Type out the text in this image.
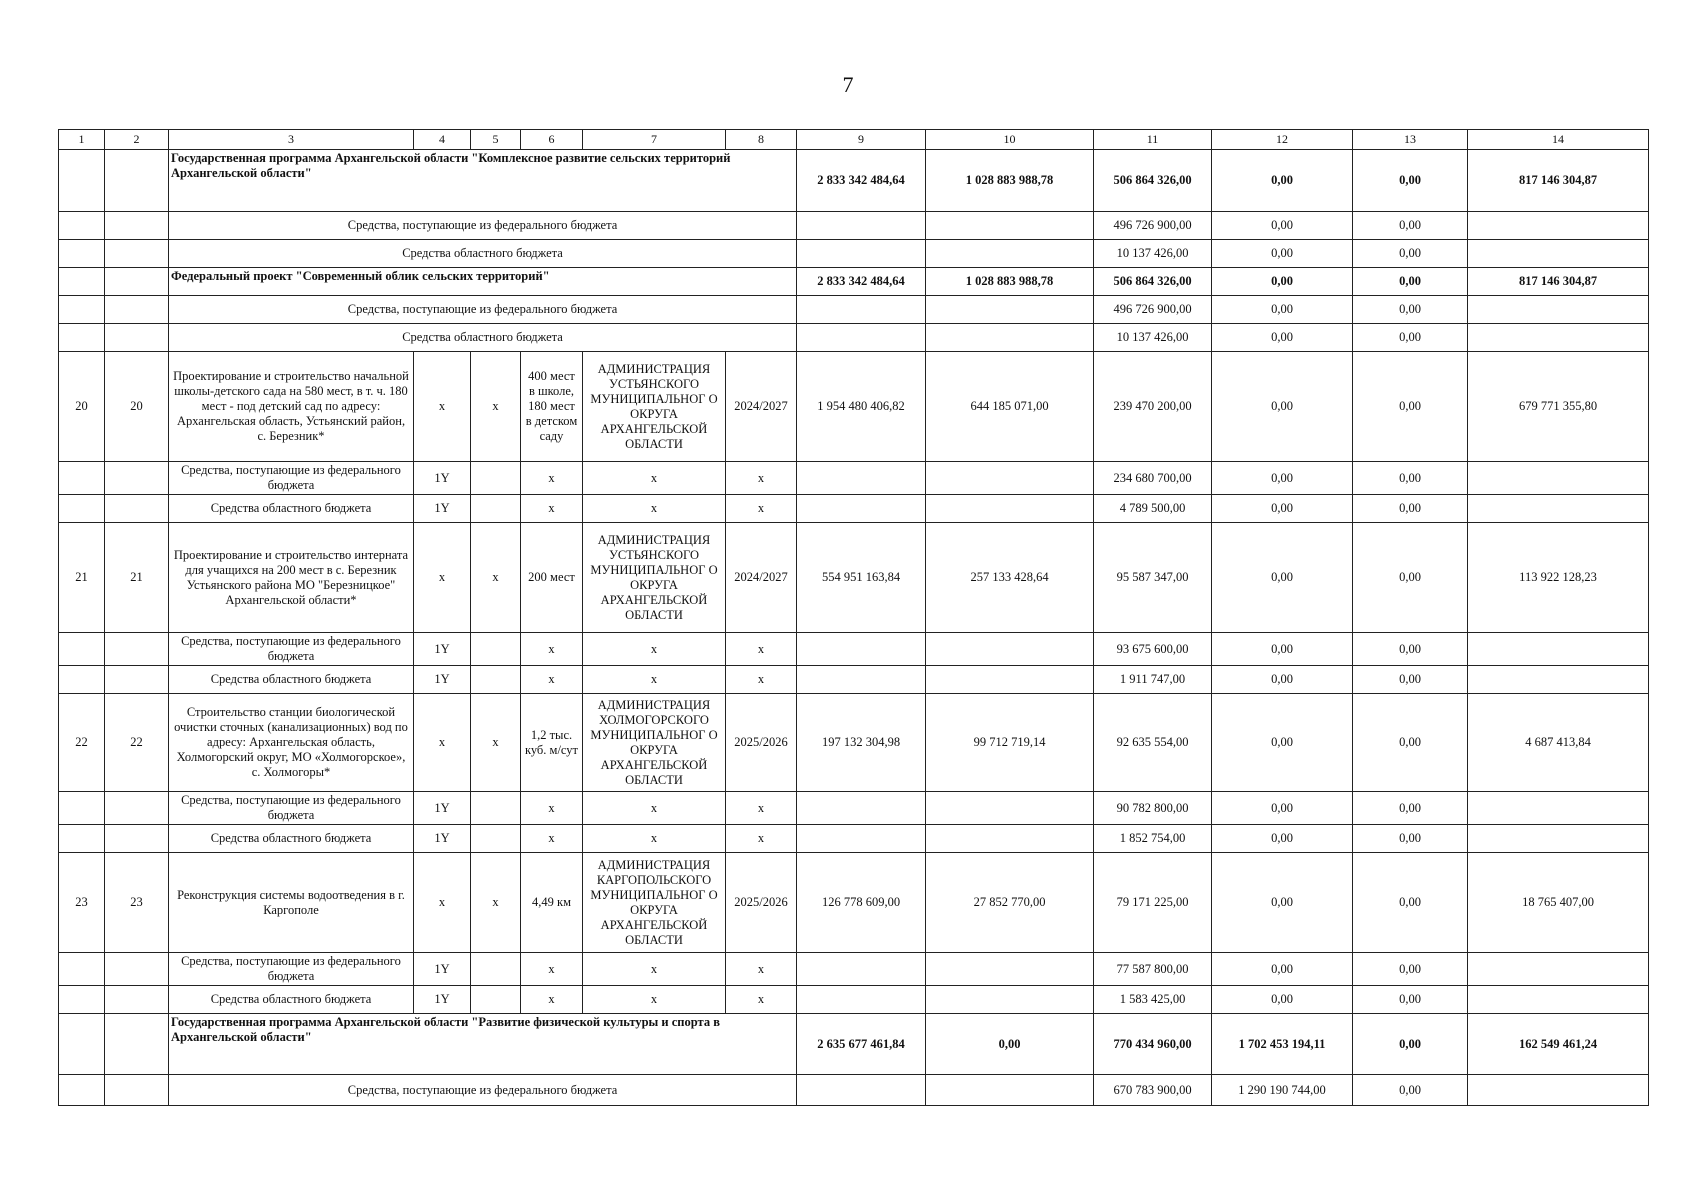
7
1	2	3	4	5	6	7	8	9	10	11	12	13	14
		Государственная программа Архангельской области "Комплексное развитие сельских территорий Архангельской области"						2 833 342 484,64	1 028 883 988,78	506 864 326,00	0,00	0,00	817 146 304,87
		Средства, поступающие из федерального бюджета								496 726 900,00	0,00	0,00	
		Средства областного бюджета								10 137 426,00	0,00	0,00	
		Федеральный проект "Современный облик сельских территорий"						2 833 342 484,64	1 028 883 988,78	506 864 326,00	0,00	0,00	817 146 304,87
		Средства, поступающие из федерального бюджета								496 726 900,00	0,00	0,00	
		Средства областного бюджета								10 137 426,00	0,00	0,00	
20	20	Проектирование и строительство начальной школы-детского сада на 580 мест, в т. ч. 180 мест - под детский сад по адресу: Архангельская область, Устьянский район, с. Березник*	x	x	400 мест в школе, 180 мест в детском саду	АДМИНИСТРАЦИЯ УСТЬЯНСКОГО МУНИЦИПАЛЬНОГ О ОКРУГА АРХАНГЕЛЬСКОЙ ОБЛАСТИ	2024/2027	1 954 480 406,82	644 185 071,00	239 470 200,00	0,00	0,00	679 771 355,80
		Средства, поступающие из федерального бюджета	1Y		x	x	x			234 680 700,00	0,00	0,00	
		Средства областного бюджета	1Y		x	x	x			4 789 500,00	0,00	0,00	
21	21	Проектирование и строительство интерната для учащихся на 200 мест в с. Березник Устьянского района МО "Березницкое" Архангельской области*	x	x	200 мест	АДМИНИСТРАЦИЯ УСТЬЯНСКОГО МУНИЦИПАЛЬНОГ О ОКРУГА АРХАНГЕЛЬСКОЙ ОБЛАСТИ	2024/2027	554 951 163,84	257 133 428,64	95 587 347,00	0,00	0,00	113 922 128,23
		Средства, поступающие из федерального бюджета	1Y		x	x	x			93 675 600,00	0,00	0,00	
		Средства областного бюджета	1Y		x	x	x			1 911 747,00	0,00	0,00	
22	22	Строительство станции биологической очистки сточных (канализационных) вод по адресу: Архангельская область, Холмогорский округ, МО «Холмогорское», с. Холмогоры*	x	x	1,2 тыс. куб. м/сут	АДМИНИСТРАЦИЯ ХОЛМОГОРСКОГО МУНИЦИПАЛЬНОГ О ОКРУГА АРХАНГЕЛЬСКОЙ ОБЛАСТИ	2025/2026	197 132 304,98	99 712 719,14	92 635 554,00	0,00	0,00	4 687 413,84
		Средства, поступающие из федерального бюджета	1Y		x	x	x			90 782 800,00	0,00	0,00	
		Средства областного бюджета	1Y		x	x	x			1 852 754,00	0,00	0,00	
23	23	Реконструкция системы водоотведения в г. Каргополе	x	x	4,49 км	АДМИНИСТРАЦИЯ КАРГОПОЛЬСКОГО МУНИЦИПАЛЬНОГ О ОКРУГА АРХАНГЕЛЬСКОЙ ОБЛАСТИ	2025/2026	126 778 609,00	27 852 770,00	79 171 225,00	0,00	0,00	18 765 407,00
		Средства, поступающие из федерального бюджета	1Y		x	x	x			77 587 800,00	0,00	0,00	
		Средства областного бюджета	1Y		x	x	x			1 583 425,00	0,00	0,00	
		Государственная программа Архангельской области "Развитие физической культуры и спорта в Архангельской области"						2 635 677 461,84	0,00	770 434 960,00	1 702 453 194,11	0,00	162 549 461,24
		Средства, поступающие из федерального бюджета								670 783 900,00	1 290 190 744,00	0,00	
